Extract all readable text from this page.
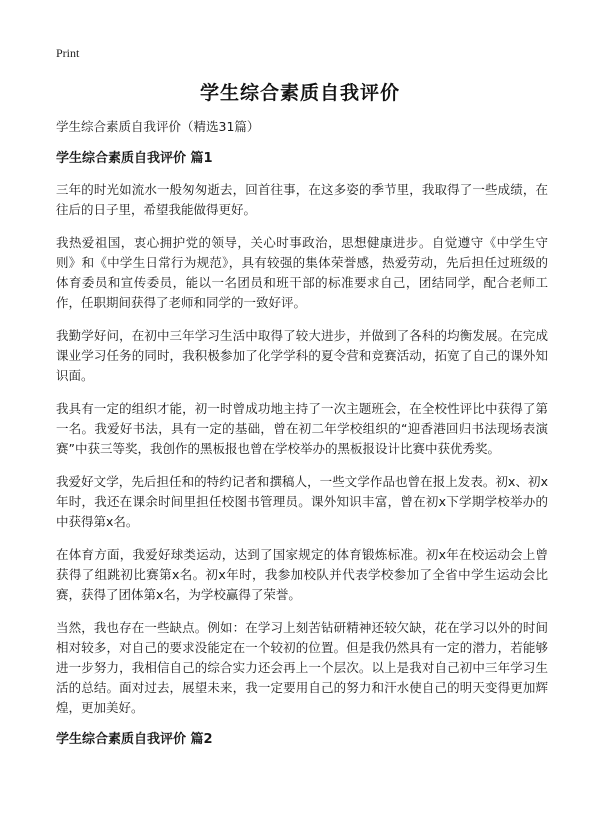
Print
学生综合素质自我评价
学生综合素质自我评价（精选31篇）
学生综合素质自我评价 篇1

三年的时光如流水一般匆匆逝去，回首往事，在这多姿的季节里，我取得了一些成绩，在往后的日子里，希望我能做得更好。

我热爱祖国，衷心拥护党的领导，关心时事政治，思想健康进步。自觉遵守《中学生守则》和《中学生日常行为规范》，具有较强的集体荣誉感，热爱劳动，先后担任过班级的体育委员和宣传委员，能以一名团员和班干部的标准要求自己，团结同学，配合老师工作，任职期间获得了老师和同学的一致好评。

我勤学好问，在初中三年学习生活中取得了较大进步，并做到了各科的均衡发展。在完成课业学习任务的同时，我积极参加了化学学科的夏令营和竞赛活动，拓宽了自己的课外知识面。

我具有一定的组织才能，初一时曾成功地主持了一次主题班会，在全校性评比中获得了第一名。我爱好书法，具有一定的基础，曾在初二年学校组织的“迎香港回归书法现场表演赛”中获三等奖，我创作的黑板报也曾在学校举办的黑板报设计比赛中获优秀奖。

我爱好文学，先后担任和的特约记者和撰稿人，一些文学作品也曾在报上发表。初x、初x年时，我还在课余时间里担任校图书管理员。课外知识丰富，曾在初x下学期学校举办的中获得第x名。

在体育方面，我爱好球类运动，达到了国家规定的体育锻炼标准。初x年在校运动会上曾获得了组跳初比赛第x名。初x年时，我参加校队并代表学校参加了全省中学生运动会比赛，获得了团体第x名，为学校赢得了荣誉。

当然，我也存在一些缺点。例如：在学习上刻苦钻研精神还较欠缺，花在学习以外的时间相对较多，对自己的要求没能定在一个较初的位置。但是我仍然具有一定的潜力，若能够进一步努力，我相信自己的综合实力还会再上一个层次。以上是我对自己初中三年学习生活的总结。面对过去，展望未来，我一定要用自己的努力和汗水使自己的明天变得更加辉煌，更加美好。

学生综合素质自我评价 篇2
